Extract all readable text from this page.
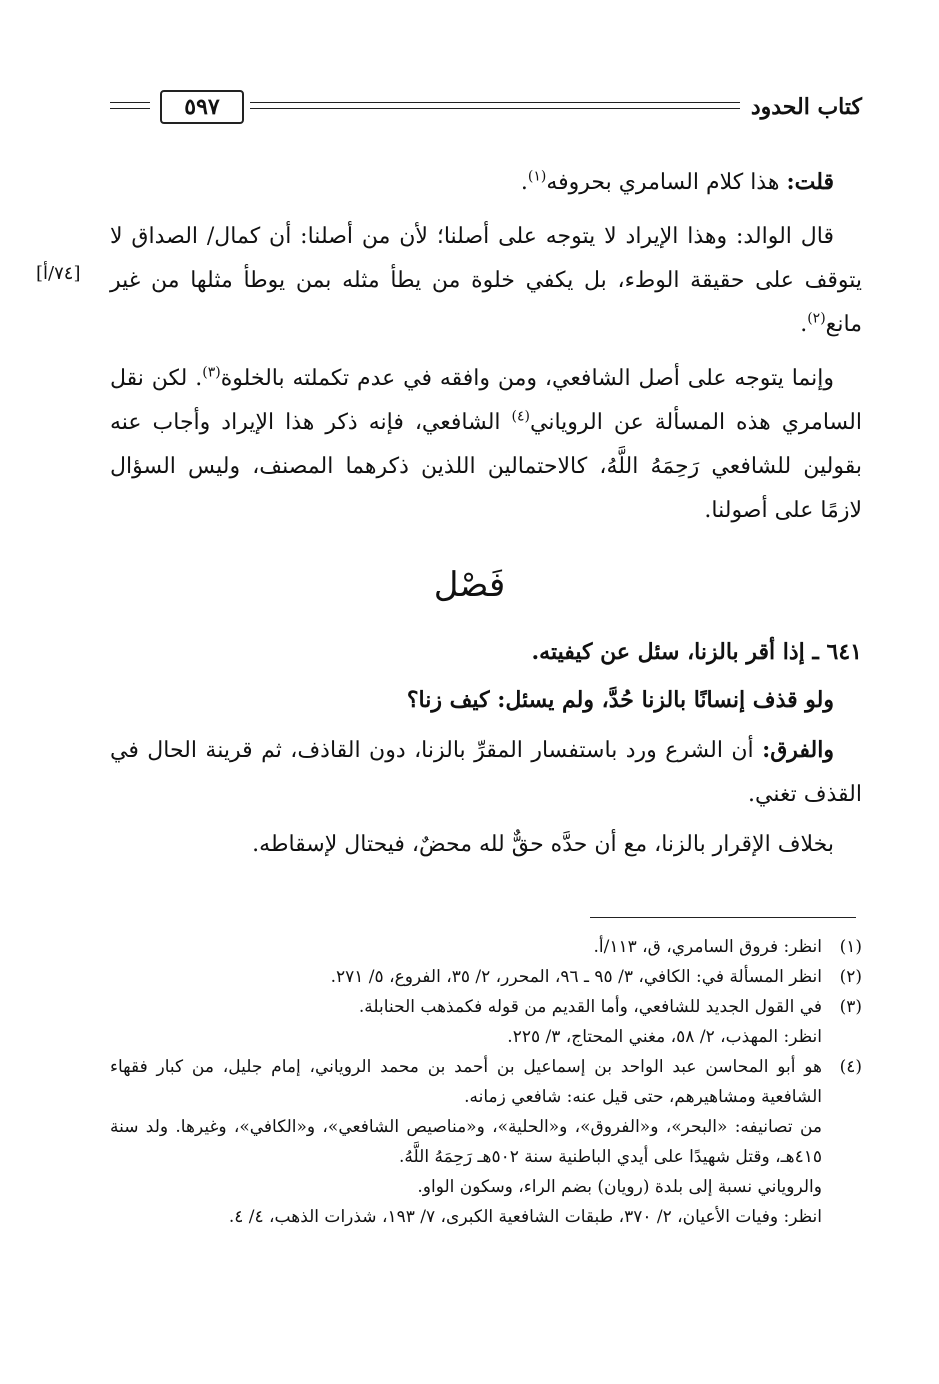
٥٩٧	كتاب الحدود

قلت: هذا كلام السامري بحروفه$^{(١)}$.

قال الوالد: وهذا الإيراد لا يتوجه على أصلنا؛ لأن من أصلنا: أن كمال/ الصداق لا يتوقف على حقيقة الوطء، بل يكفي خلوة من يطأ مثله بمن يوطأ مثلها من غير مانع$^{(٢)}$.

وإنما يتوجه على أصل الشافعي، ومن وافقه في عدم تكملته بالخلوة$^{(٣)}$. لكن نقل السامري هذه المسألة عن الروياني$^{(٤)}$ الشافعي، فإنه ذكر هذا الإيراد وأجاب عنه بقولين للشافعي رَحِمَهُ اللَّهُ، كالاحتمالين اللذين ذكرهما المصنف، وليس السؤال لازمًا على أصولنا.

[٧٤/أ]
فَصْل

٦٤١ ـ إذا أقر بالزنا، سئل عن كيفيته.

ولو قذف إنسانًا بالزنا حُدَّ، ولم يسئل: كيف زنا؟

والفرق: أن الشرع ورد باستفسار المقرِّ بالزنا، دون القاذف، ثم قرينة الحال في القذف تغني.

بخلاف الإقرار بالزنا، مع أن حدَّه حقٌّ لله محضٌ، فيحتال لإسقاطه.

(١)
انظر: فروق السامري، ق، ١١٣/أ.
(٢)
انظر المسألة في: الكافي، ٣/ ٩٥ ـ ٩٦، المحرر، ٢/ ٣٥، الفروع، ٥/ ٢٧١.
(٣)
في القول الجديد للشافعي، وأما القديم من قوله فكمذهب الحنابلة.
انظر: المهذب، ٢/ ٥٨، مغني المحتاج، ٣/ ٢٢٥.
(٤)
هو أبو المحاسن عبد الواحد بن إسماعيل بن أحمد بن محمد الروياني، إمام جليل، من كبار فقهاء الشافعية ومشاهيرهم، حتى قيل عنه: شافعي زمانه.
من تصانيفه: «البحر»، و«الفروق»، و«الحلية»، و«مناصيص الشافعي»، و«الكافي»، وغيرها. ولد سنة ٤١٥هـ، وقتل شهيدًا على أيدي الباطنية سنة ٥٠٢هـ رَحِمَهُ اللَّهُ.
والروياني نسبة إلى بلدة (رويان) بضم الراء، وسكون الواو.
انظر: وفيات الأعيان، ٢/ ٣٧٠، طبقات الشافعية الكبرى، ٧/ ١٩٣، شذرات الذهب، ٤/ ٤.
